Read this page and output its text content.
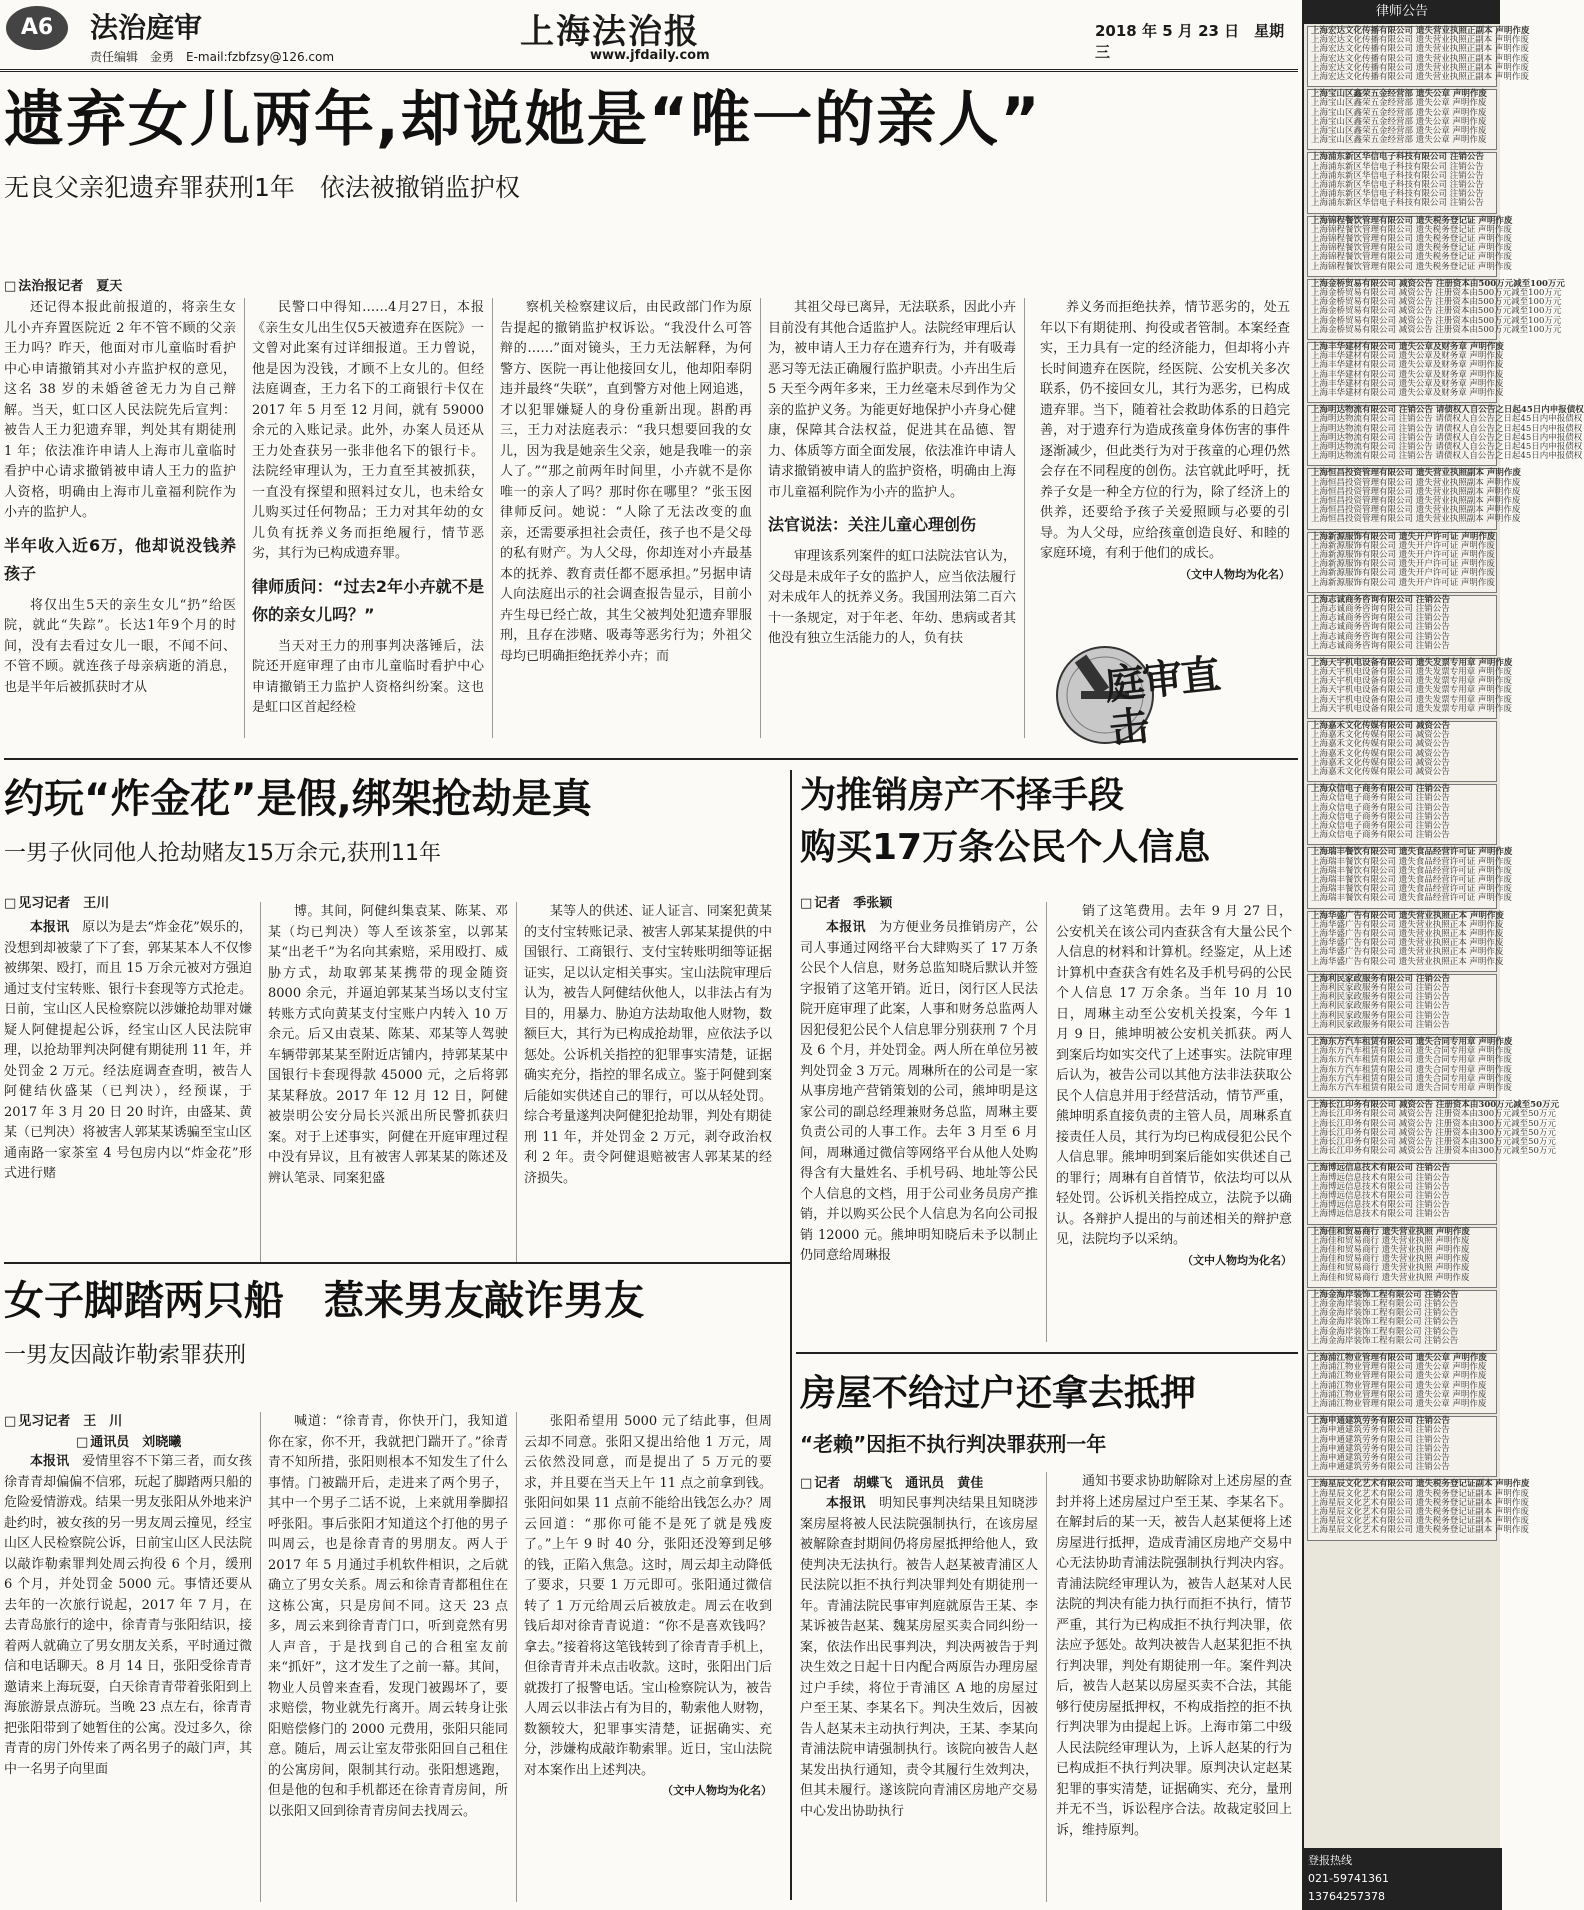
A6	法治庭审
责任编辑　金勇　E-mail:fzbfzsy@126.com
上海法治报
www.jfdaily.com
2018 年 5 月 23 日　星期三
遗弃女儿两年,却说她是“唯一的亲人”
无良父亲犯遗弃罪获刑1年　依法被撤销监护权
□ 法治报记者　夏天

还记得本报此前报道的，将亲生女儿小卉弃置医院近 2 年不管不顾的父亲王力吗？昨天，他面对市儿童临时看护中心申请撤销其对小卉监护权的意见，这名 38 岁的未婚爸爸无力为自己辩解。当天，虹口区人民法院先后宣判：被告人王力犯遗弃罪，判处其有期徒刑 1 年；依法准许申请人上海市儿童临时看护中心请求撤销被申请人王力的监护人资格，明确由上海市儿童福利院作为小卉的监护人。

半年收入近6万，他却说没钱养孩子

将仅出生5天的亲生女儿“扔”给医院，就此“失踪”。长达1年9个月的时间，没有去看过女儿一眼，不闻不问、不管不顾。就连孩子母亲病逝的消息，也是半年后被抓获时才从

民警口中得知……4月27日，本报《亲生女儿出生仅5天被遗弃在医院》一文曾对此案有过详细报道。王力曾说，他是因为没钱，才顾不上女儿的。但经法庭调查，王力名下的工商银行卡仅在 2017 年 5 月至 12 月间，就有 59000 余元的入账记录。此外，办案人员还从王力处查获另一张非他名下的银行卡。法院经审理认为，王力直至其被抓获，一直没有探望和照料过女儿，也未给女儿购买过任何物品；王力对其年幼的女儿负有抚养义务而拒绝履行，情节恶劣，其行为已构成遗弃罪。

律师质问：“过去2年小卉就不是你的亲女儿吗？”

当天对王力的刑事判决落锤后，法院还开庭审理了由市儿童临时看护中心申请撤销王力监护人资格纠纷案。这也是虹口区首起经检

察机关检察建议后，由民政部门作为原告提起的撤销监护权诉讼。“我没什么可答辩的……”面对镜头，王力无法解释，为何警方、医院一再让他接回女儿，他却阳奉阴违并最终“失联”，直到警方对他上网追逃，才以犯罪嫌疑人的身份重新出现。斟酌再三，王力对法庭表示：“我只想要回我的女儿，因为我是她亲生父亲，她是我唯一的亲人了。”“那之前两年时间里，小卉就不是你唯一的亲人了吗？那时你在哪里？”张玉囡律师反问。她说：“人除了无法改变的血亲，还需要承担社会责任，孩子也不是父母的私有财产。为人父母，你却连对小卉最基本的抚养、教育责任都不愿承担。”另据申请人向法庭出示的社会调查报告显示，目前小卉生母已经亡故，其生父被判处犯遗弃罪服刑，且存在涉赌、吸毒等恶劣行为；外祖父母均已明确拒绝抚养小卉；而

其祖父母已离异，无法联系，因此小卉目前没有其他合适监护人。法院经审理后认为，被申请人王力存在遗弃行为，并有吸毒恶习等无法正确履行监护职责。小卉出生后 5 天至今两年多来，王力丝毫未尽到作为父亲的监护义务。为能更好地保护小卉身心健康，保障其合法权益，促进其在品德、智力、体质等方面全面发展，依法准许申请人请求撤销被申请人的监护资格，明确由上海市儿童福利院作为小卉的监护人。

法官说法：关注儿童心理创伤

审理该系列案件的虹口法院法官认为，父母是未成年子女的监护人，应当依法履行对未成年人的抚养义务。我国刑法第二百六十一条规定，对于年老、年幼、患病或者其他没有独立生活能力的人，负有扶

养义务而拒绝扶养，情节恶劣的，处五年以下有期徒刑、拘役或者管制。本案经查实，王力具有一定的经济能力，但却将小卉长时间遗弃在医院，经医院、公安机关多次联系，仍不接回女儿，其行为恶劣，已构成遗弃罪。当下，随着社会救助体系的日趋完善，对于遗弃行为造成孩童身体伤害的事件逐渐减少，但此类行为对于孩童的心理仍然会存在不同程度的创伤。法官就此呼吁，抚养子女是一种全方位的行为，除了经济上的供养，还要给予孩子关爱照顾与必要的引导。为人父母，应给孩童创造良好、和睦的家庭环境，有利于他们的成长。

（文中人物均为化名）
庭审直击
约玩“炸金花”是假,绑架抢劫是真
一男子伙同他人抢劫赌友15万余元,获刑11年
□ 见习记者　王川

本报讯　 原以为是去“炸金花”娱乐的，没想到却被蒙了下了套，郭某某本人不仅惨被绑架、殴打，而且 15 万余元被对方强迫通过支付宝转账、银行卡套现等方式抢走。日前，宝山区人民检察院以涉嫌抢劫罪对嫌疑人阿健提起公诉，经宝山区人民法院审理，以抢劫罪判决阿健有期徒刑 11 年，并处罚金 2 万元。经法庭调查查明，被告人阿健结伙盛某（已判决），经预谋，于 2017 年 3 月 20 日 20 时许，由盛某、黄某（已判决）将被害人郭某某诱骗至宝山区通南路一家茶室 4 号包房内以“炸金花”形式进行赌

博。其间，阿健纠集袁某、陈某、邓某（均已判决）等人至该茶室，以郭某某“出老千”为名向其索赔，采用殴打、威胁方式，劫取郭某某携带的现金随资 8000 余元，并逼迫郭某某当场以支付宝转账方式向黄某支付宝账户内转入 10 万余元。后又由袁某、陈某、邓某等人驾驶车辆带郭某某至附近店铺内，持郭某某中国银行卡套现得款 45000 元，之后将郭某某释放。2017 年 12 月 12 日，阿健被崇明公安分局长兴派出所民警抓获归案。对于上述事实，阿健在开庭审理过程中没有异议，且有被害人郭某某的陈述及辨认笔录、同案犯盛

某等人的供述、证人证言、同案犯黄某的支付宝转账记录、被害人郭某某提供的中国银行、工商银行、支付宝转账明细等证据证实，足以认定相关事实。宝山法院审理后认为，被告人阿健结伙他人，以非法占有为目的，用暴力、胁迫方法劫取他人财物，数额巨大，其行为已构成抢劫罪，应依法予以惩处。公诉机关指控的犯罪事实清楚，证据确实充分，指控的罪名成立。鉴于阿健到案后能如实供述自己的罪行，可以从轻处罚。综合考量遂判决阿健犯抢劫罪，判处有期徒刑 11 年，并处罚金 2 万元，剥夺政治权利 2 年。责令阿健退赔被害人郭某某的经济损失。

为推销房产不择手段
购买17万条公民个人信息
□ 记者　季张颖

本报讯　 为方便业务员推销房产，公司人事通过网络平台大肆购买了 17 万条公民个人信息，财务总监知晓后默认并签字报销了这笔开销。近日，闵行区人民法院开庭审理了此案，人事和财务总监两人因犯侵犯公民个人信息罪分别获刑 7 个月及 6 个月，并处罚金。两人所在单位另被判处罚金 3 万元。周琳所在的公司是一家从事房地产营销策划的公司，熊坤明是这家公司的副总经理兼财务总监，周琳主要负责公司的人事工作。去年 3 月至 6 月间，周琳通过微信等网络平台从他人处购得含有大量姓名、手机号码、地址等公民个人信息的文档，用于公司业务员房产推销，并以购买公民个人信息为名向公司报销 12000 元。熊坤明知晓后未予以制止仍同意给周琳报

销了这笔费用。去年 9 月 27 日，公安机关在该公司内查获含有大量公民个人信息的材料和计算机。经鉴定，从上述计算机中查获含有姓名及手机号码的公民个人信息 17 万余条。当年 10 月 10 日，周琳主动至公安机关投案，今年 1 月 9 日，熊坤明被公安机关抓获。两人到案后均如实交代了上述事实。法院审理后认为，被告公司以其他方法非法获取公民个人信息并用于经营活动，情节严重，熊坤明系直接负责的主管人员，周琳系直接责任人员，其行为均已构成侵犯公民个人信息罪。熊坤明到案后能如实供述自己的罪行；周琳有自首情节，依法均可以从轻处罚。公诉机关指控成立，法院予以确认。各辩护人提出的与前述相关的辩护意见，法院均予以采纳。

（文中人物均为化名）
女子脚踏两只船　惹来男友敲诈男友
一男友因敲诈勒索罪获刑
□ 见习记者　王　川
□ 通讯员　刘晓曦

本报讯　 爱情里容不下第三者，而女孩徐青青却偏偏不信邪，玩起了脚踏两只船的危险爱情游戏。结果一男友张阳从外地来沪赴约时，被女孩的另一男友周云撞见，经宝山区人民检察院公诉，日前宝山区人民法院以敲诈勒索罪判处周云拘役 6 个月，缓刑 6 个月，并处罚金 5000 元。事情还要从去年的一次旅行说起，2017 年 7 月，在去青岛旅行的途中，徐青青与张阳结识，接着两人就确立了男女朋友关系，平时通过微信和电话聊天。8 月 14 日，张阳受徐青青邀请来上海玩耍，白天徐青青带着张阳到上海旅游景点游玩。当晚 23 点左右，徐青青把张阳带到了她暂住的公寓。没过多久，徐青青的房门外传来了两名男子的敲门声，其中一名男子向里面

喊道：“徐青青，你快开门，我知道你在家，你不开，我就把门踹开了。”徐青青不知所措，张阳则根本不知发生了什么事情。门被踹开后，走进来了两个男子，其中一个男子二话不说，上来就用拳脚招呼张阳。事后张阳才知道这个打他的男子叫周云，也是徐青青的男朋友。两人于 2017 年 5 月通过手机软件相识，之后就确立了男女关系。周云和徐青青都租住在这栋公寓，只是房间不同。这天 23 点多，周云来到徐青青门口，听到竟然有男人声音，于是找到自己的合租室友前来“抓奸”，这才发生了之前一幕。其间，物业人员曾来查看，发现门被踢坏了，要求赔偿，物业就先行离开。周云转身让张阳赔偿修门的 2000 元费用，张阳只能同意。随后，周云让室友带张阳回自己租住的公寓房间，限制其行动。张阳想逃跑，但是他的包和手机都还在徐青青房间，所以张阳又回到徐青青房间去找周云。

张阳希望用 5000 元了结此事，但周云却不同意。张阳又提出给他 1 万元，周云依然没同意，而是提出了 5 万元的要求，并且要在当天上午 11 点之前拿到钱。张阳问如果 11 点前不能给出钱怎么办？周云回道：“那你可能不是死了就是残废了。”上午 9 时 40 分，张阳还没筹到足够的钱，正陷入焦急。这时，周云却主动降低了要求，只要 1 万元即可。张阳通过微信转了 1 万元给周云后被放走。周云在收到钱后却对徐青青说道：“你不是喜欢钱吗？拿去。”接着将这笔钱转到了徐青青手机上，但徐青青并未点击收款。这时，张阳出门后就拨打了报警电话。宝山检察院认为，被告人周云以非法占有为目的，勒索他人财物，数额较大，犯罪事实清楚，证据确实、充分，涉嫌构成敲诈勒索罪。近日，宝山法院对本案作出上述判决。

（文中人物均为化名）
房屋不给过户还拿去抵押
“老赖”因拒不执行判决罪获刑一年
□ 记者　胡蝶飞　通讯员　黄佳

本报讯　 明知民事判决结果且知晓涉案房屋将被人民法院强制执行，在该房屋被解除查封期间仍将房屋抵押给他人，致使判决无法执行。被告人赵某被青浦区人民法院以拒不执行判决罪判处有期徒刑一年。青浦法院民事审判庭就原告王某、李某诉被告赵某、魏某房屋买卖合同纠纷一案，依法作出民事判决，判决两被告于判决生效之日起十日内配合两原告办理房屋过户手续，将位于青浦区 A 地的房屋过户至王某、李某名下。判决生效后，因被告人赵某未主动执行判决，王某、李某向青浦法院申请强制执行。该院向被告人赵某发出执行通知，责令其履行生效判决，但其未履行。遂该院向青浦区房地产交易中心发出协助执行

通知书要求协助解除对上述房屋的查封并将上述房屋过户至王某、李某名下。在解封后的某一天，被告人赵某便将上述房屋进行抵押，造成青浦区房地产交易中心无法协助青浦法院强制执行判决内容。青浦法院经审理认为，被告人赵某对人民法院的判决有能力执行而拒不执行，情节严重，其行为已构成拒不执行判决罪，依法应予惩处。故判决被告人赵某犯拒不执行判决罪，判处有期徒刑一年。案件判决后，被告人赵某以房屋买卖不合法，其能够行使房屋抵押权，不构成指控的拒不执行判决罪为由提起上诉。上海市第二中级人民法院经审理认为，上诉人赵某的行为已构成拒不执行判决罪。原判决认定赵某犯罪的事实清楚，证据确实、充分，量刑并无不当，诉讼程序合法。故裁定驳回上诉，维持原判。

律师公告
上海宏达文化传播有限公司 遗失营业执照正副本 声明作废
上海宏达文化传播有限公司 遗失营业执照正副本 声明作废
上海宏达文化传播有限公司 遗失营业执照正副本 声明作废
上海宏达文化传播有限公司 遗失营业执照正副本 声明作废
上海宏达文化传播有限公司 遗失营业执照正副本 声明作废
上海宏达文化传播有限公司 遗失营业执照正副本 声明作废
上海宝山区鑫荣五金经营部 遗失公章 声明作废
上海宝山区鑫荣五金经营部 遗失公章 声明作废
上海宝山区鑫荣五金经营部 遗失公章 声明作废
上海宝山区鑫荣五金经营部 遗失公章 声明作废
上海宝山区鑫荣五金经营部 遗失公章 声明作废
上海宝山区鑫荣五金经营部 遗失公章 声明作废
上海浦东新区华信电子科技有限公司 注销公告
上海浦东新区华信电子科技有限公司 注销公告
上海浦东新区华信电子科技有限公司 注销公告
上海浦东新区华信电子科技有限公司 注销公告
上海浦东新区华信电子科技有限公司 注销公告
上海浦东新区华信电子科技有限公司 注销公告
上海锦程餐饮管理有限公司 遗失税务登记证 声明作废
上海锦程餐饮管理有限公司 遗失税务登记证 声明作废
上海锦程餐饮管理有限公司 遗失税务登记证 声明作废
上海锦程餐饮管理有限公司 遗失税务登记证 声明作废
上海锦程餐饮管理有限公司 遗失税务登记证 声明作废
上海锦程餐饮管理有限公司 遗失税务登记证 声明作废
上海金桥贸易有限公司 减资公告 注册资本由500万元减至100万元
上海金桥贸易有限公司 减资公告 注册资本由500万元减至100万元
上海金桥贸易有限公司 减资公告 注册资本由500万元减至100万元
上海金桥贸易有限公司 减资公告 注册资本由500万元减至100万元
上海金桥贸易有限公司 减资公告 注册资本由500万元减至100万元
上海金桥贸易有限公司 减资公告 注册资本由500万元减至100万元
上海丰华建材有限公司 遗失公章及财务章 声明作废
上海丰华建材有限公司 遗失公章及财务章 声明作废
上海丰华建材有限公司 遗失公章及财务章 声明作废
上海丰华建材有限公司 遗失公章及财务章 声明作废
上海丰华建材有限公司 遗失公章及财务章 声明作废
上海丰华建材有限公司 遗失公章及财务章 声明作废
上海明达物流有限公司 注销公告 请债权人自公告之日起45日内申报债权
上海明达物流有限公司 注销公告 请债权人自公告之日起45日内申报债权
上海明达物流有限公司 注销公告 请债权人自公告之日起45日内申报债权
上海明达物流有限公司 注销公告 请债权人自公告之日起45日内申报债权
上海明达物流有限公司 注销公告 请债权人自公告之日起45日内申报债权
上海明达物流有限公司 注销公告 请债权人自公告之日起45日内申报债权
上海恒昌投资管理有限公司 遗失营业执照副本 声明作废
上海恒昌投资管理有限公司 遗失营业执照副本 声明作废
上海恒昌投资管理有限公司 遗失营业执照副本 声明作废
上海恒昌投资管理有限公司 遗失营业执照副本 声明作废
上海恒昌投资管理有限公司 遗失营业执照副本 声明作废
上海恒昌投资管理有限公司 遗失营业执照副本 声明作废
上海新源服饰有限公司 遗失开户许可证 声明作废
上海新源服饰有限公司 遗失开户许可证 声明作废
上海新源服饰有限公司 遗失开户许可证 声明作废
上海新源服饰有限公司 遗失开户许可证 声明作废
上海新源服饰有限公司 遗失开户许可证 声明作废
上海新源服饰有限公司 遗失开户许可证 声明作废
上海志诚商务咨询有限公司 注销公告
上海志诚商务咨询有限公司 注销公告
上海志诚商务咨询有限公司 注销公告
上海志诚商务咨询有限公司 注销公告
上海志诚商务咨询有限公司 注销公告
上海志诚商务咨询有限公司 注销公告
上海天宇机电设备有限公司 遗失发票专用章 声明作废
上海天宇机电设备有限公司 遗失发票专用章 声明作废
上海天宇机电设备有限公司 遗失发票专用章 声明作废
上海天宇机电设备有限公司 遗失发票专用章 声明作废
上海天宇机电设备有限公司 遗失发票专用章 声明作废
上海天宇机电设备有限公司 遗失发票专用章 声明作废
上海嘉禾文化传媒有限公司 减资公告
上海嘉禾文化传媒有限公司 减资公告
上海嘉禾文化传媒有限公司 减资公告
上海嘉禾文化传媒有限公司 减资公告
上海嘉禾文化传媒有限公司 减资公告
上海嘉禾文化传媒有限公司 减资公告
上海众信电子商务有限公司 注销公告
上海众信电子商务有限公司 注销公告
上海众信电子商务有限公司 注销公告
上海众信电子商务有限公司 注销公告
上海众信电子商务有限公司 注销公告
上海众信电子商务有限公司 注销公告
上海瑞丰餐饮有限公司 遗失食品经营许可证 声明作废
上海瑞丰餐饮有限公司 遗失食品经营许可证 声明作废
上海瑞丰餐饮有限公司 遗失食品经营许可证 声明作废
上海瑞丰餐饮有限公司 遗失食品经营许可证 声明作废
上海瑞丰餐饮有限公司 遗失食品经营许可证 声明作废
上海瑞丰餐饮有限公司 遗失食品经营许可证 声明作废
上海华盛广告有限公司 遗失营业执照正本 声明作废
上海华盛广告有限公司 遗失营业执照正本 声明作废
上海华盛广告有限公司 遗失营业执照正本 声明作废
上海华盛广告有限公司 遗失营业执照正本 声明作废
上海华盛广告有限公司 遗失营业执照正本 声明作废
上海华盛广告有限公司 遗失营业执照正本 声明作废
上海利民家政服务有限公司 注销公告
上海利民家政服务有限公司 注销公告
上海利民家政服务有限公司 注销公告
上海利民家政服务有限公司 注销公告
上海利民家政服务有限公司 注销公告
上海利民家政服务有限公司 注销公告
上海东方汽车租赁有限公司 遗失合同专用章 声明作废
上海东方汽车租赁有限公司 遗失合同专用章 声明作废
上海东方汽车租赁有限公司 遗失合同专用章 声明作废
上海东方汽车租赁有限公司 遗失合同专用章 声明作废
上海东方汽车租赁有限公司 遗失合同专用章 声明作废
上海东方汽车租赁有限公司 遗失合同专用章 声明作废
上海长江印务有限公司 减资公告 注册资本由300万元减至50万元
上海长江印务有限公司 减资公告 注册资本由300万元减至50万元
上海长江印务有限公司 减资公告 注册资本由300万元减至50万元
上海长江印务有限公司 减资公告 注册资本由300万元减至50万元
上海长江印务有限公司 减资公告 注册资本由300万元减至50万元
上海长江印务有限公司 减资公告 注册资本由300万元减至50万元
上海博远信息技术有限公司 注销公告
上海博远信息技术有限公司 注销公告
上海博远信息技术有限公司 注销公告
上海博远信息技术有限公司 注销公告
上海博远信息技术有限公司 注销公告
上海博远信息技术有限公司 注销公告
上海佳和贸易商行 遗失营业执照 声明作废
上海佳和贸易商行 遗失营业执照 声明作废
上海佳和贸易商行 遗失营业执照 声明作废
上海佳和贸易商行 遗失营业执照 声明作废
上海佳和贸易商行 遗失营业执照 声明作废
上海佳和贸易商行 遗失营业执照 声明作废
上海金海岸装饰工程有限公司 注销公告
上海金海岸装饰工程有限公司 注销公告
上海金海岸装饰工程有限公司 注销公告
上海金海岸装饰工程有限公司 注销公告
上海金海岸装饰工程有限公司 注销公告
上海金海岸装饰工程有限公司 注销公告
上海浦江物业管理有限公司 遗失公章 声明作废
上海浦江物业管理有限公司 遗失公章 声明作废
上海浦江物业管理有限公司 遗失公章 声明作废
上海浦江物业管理有限公司 遗失公章 声明作废
上海浦江物业管理有限公司 遗失公章 声明作废
上海浦江物业管理有限公司 遗失公章 声明作废
上海申通建筑劳务有限公司 注销公告
上海申通建筑劳务有限公司 注销公告
上海申通建筑劳务有限公司 注销公告
上海申通建筑劳务有限公司 注销公告
上海申通建筑劳务有限公司 注销公告
上海申通建筑劳务有限公司 注销公告
上海星辰文化艺术有限公司 遗失税务登记证副本 声明作废
上海星辰文化艺术有限公司 遗失税务登记证副本 声明作废
上海星辰文化艺术有限公司 遗失税务登记证副本 声明作废
上海星辰文化艺术有限公司 遗失税务登记证副本 声明作废
上海星辰文化艺术有限公司 遗失税务登记证副本 声明作废
上海星辰文化艺术有限公司 遗失税务登记证副本 声明作废
登报热线
021-59741361
13764257378
